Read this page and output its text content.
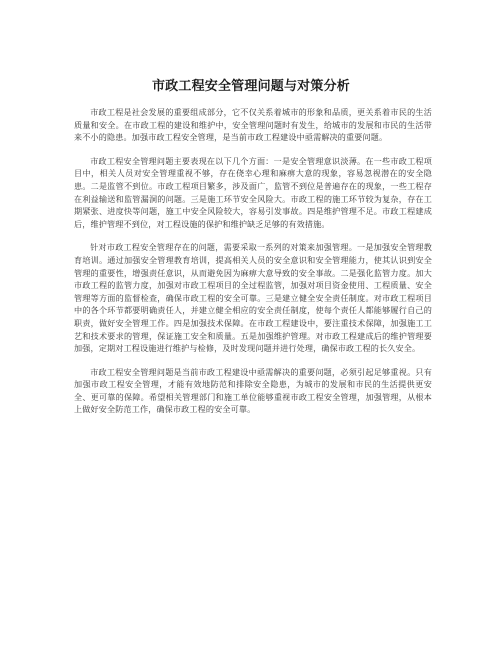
市政工程安全管理问题与对策分析

市政工程是社会发展的重要组成部分，它不仅关系着城市的形象和品质，更关系着市民的生活质量和安全。在市政工程的建设和维护中，安全管理问题时有发生，给城市的发展和市民的生活带来不小的隐患。加强市政工程安全管理，是当前市政工程建设中亟需解决的重要问题。

市政工程安全管理问题主要表现在以下几个方面：一是安全管理意识淡薄。在一些市政工程项目中，相关人员对安全管理重视不够，存在侥幸心理和麻痹大意的现象，容易忽视潜在的安全隐患。二是监管不到位。市政工程项目繁多，涉及面广，监管不到位是普遍存在的现象，一些工程存在利益输送和监管漏洞的问题。三是施工环节安全风险大。市政工程的施工环节较为复杂，存在工期紧张、进度快等问题，施工中安全风险较大，容易引发事故。四是维护管理不足。市政工程建成后，维护管理不到位，对工程设施的保护和维护缺乏足够的有效措施。

针对市政工程安全管理存在的问题，需要采取一系列的对策来加强管理。一是加强安全管理教育培训。通过加强安全管理教育培训，提高相关人员的安全意识和安全管理能力，使其认识到安全管理的重要性，增强责任意识，从而避免因为麻痹大意导致的安全事故。二是强化监管力度。加大市政工程的监管力度，加强对市政工程项目的全过程监管，加强对项目资金使用、工程质量、安全管理等方面的监督检查，确保市政工程的安全可靠。三是建立健全安全责任制度。对市政工程项目中的各个环节都要明确责任人，并建立健全相应的安全责任制度，使每个责任人都能够履行自己的职责，做好安全管理工作。四是加强技术保障。在市政工程建设中，要注重技术保障，加强施工工艺和技术要求的管理，保证施工安全和质量。五是加强维护管理。对市政工程建成后的维护管理要加强，定期对工程设施进行维护与检修，及时发现问题并进行处理，确保市政工程的长久安全。

市政工程安全管理问题是当前市政工程建设中亟需解决的重要问题，必须引起足够重视。只有加强市政工程安全管理，才能有效地防范和排除安全隐患，为城市的发展和市民的生活提供更安全、更可靠的保障。希望相关管理部门和施工单位能够重视市政工程安全管理，加强管理，从根本上做好安全防范工作，确保市政工程的安全可靠。
